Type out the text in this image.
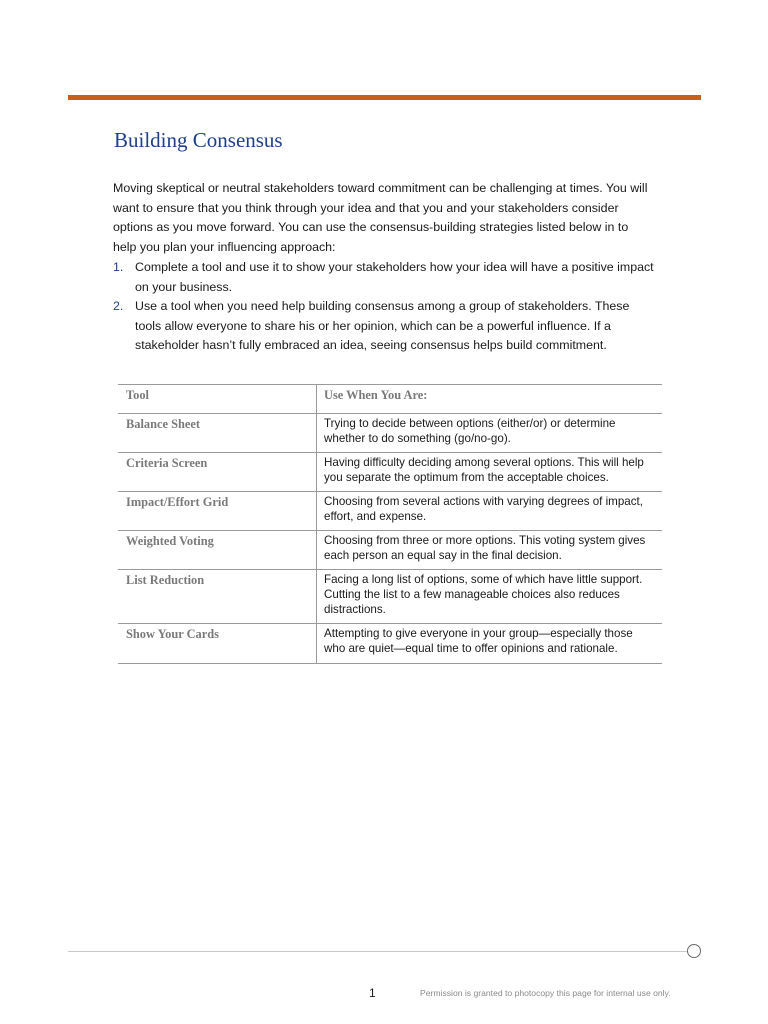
Building Consensus

Moving skeptical or neutral stakeholders toward commitment can be challenging at times. You will want to ensure that you think through your idea and that you and your stakeholders consider options as you move forward. You can use the consensus-building strategies listed below in to help you plan your influencing approach:

1. Complete a tool and use it to show your stakeholders how your idea will have a positive impact on your business.
2. Use a tool when you need help building consensus among a group of stakeholders. These tools allow everyone to share his or her opinion, which can be a powerful influence. If a stakeholder hasn’t fully embraced an idea, seeing consensus helps build commitment.
Tool	Use When You Are:
Balance Sheet	Trying to decide between options (either/or) or determine whether to do something (go/no-go).
Criteria Screen	Having difficulty deciding among several options. This will help you separate the optimum from the acceptable choices.
Impact/Effort Grid	Choosing from several actions with varying degrees of impact, effort, and expense.
Weighted Voting	Choosing from three or more options. This voting system gives each person an equal say in the final decision.
List Reduction	Facing a long list of options, some of which have little support. Cutting the list to a few manageable choices also reduces distractions.
Show Your Cards	Attempting to give everyone in your group—especially those who are quiet—equal time to offer opinions and rationale.
1	Permission is granted to photocopy this page for internal use only.
